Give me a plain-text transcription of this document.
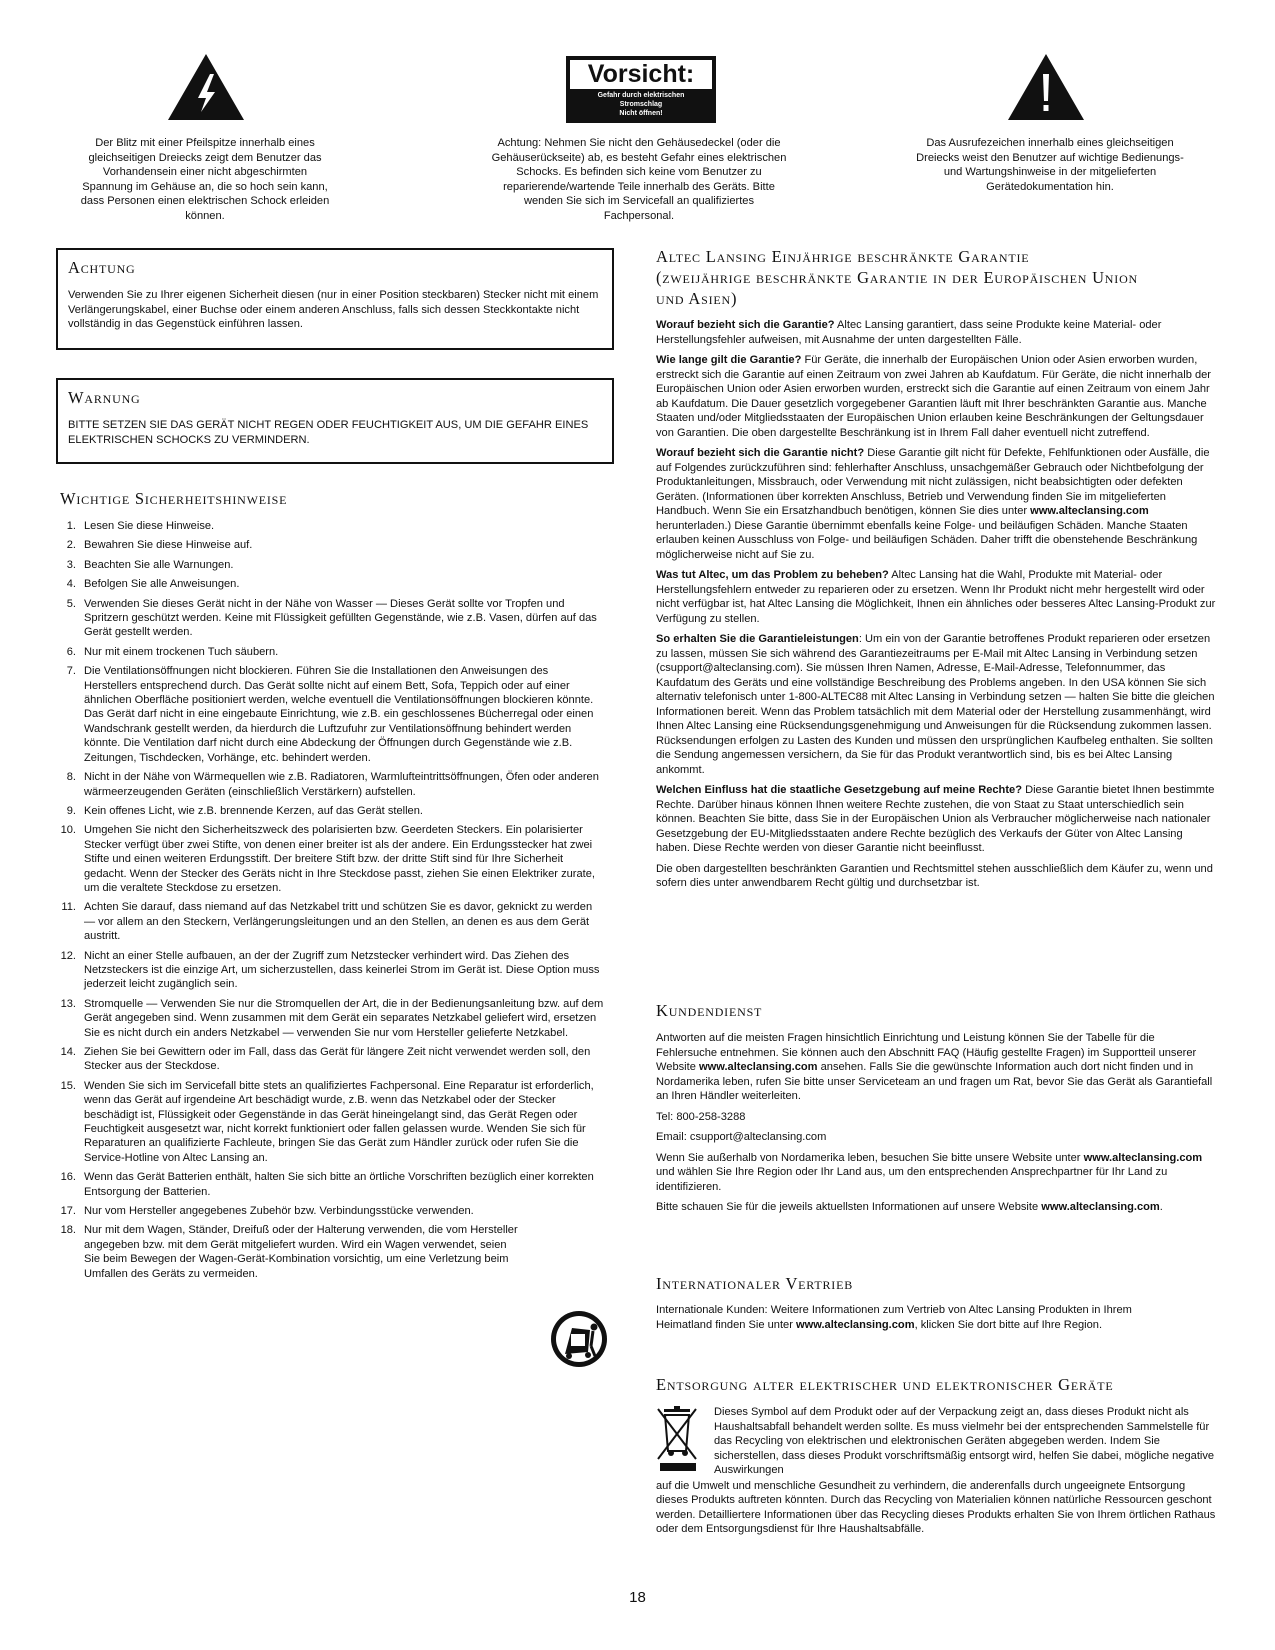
Der Blitz mit einer Pfeilspitze innerhalb eines gleichseitigen Dreiecks zeigt dem Benutzer das Vorhandensein einer nicht abgeschirmten Spannung im Gehäuse an, die so hoch sein kann, dass Personen einen elektrischen Schock erleiden können.
Vorsicht:
Gefahr durch elektrischen
Stromschlag
Nicht öffnen!
Achtung: Nehmen Sie nicht den Gehäusedeckel (oder die Gehäuserückseite) ab, es besteht Gefahr eines elektrischen Schocks. Es befinden sich keine vom Benutzer zu reparierende/wartende Teile innerhalb des Geräts. Bitte wenden Sie sich im Servicefall an qualifiziertes Fachpersonal.
Das Ausrufezeichen innerhalb eines gleichseitigen Dreiecks weist den Benutzer auf wichtige Bedienungs- und Wartungshinweise in der mitgelieferten Gerätedokumentation hin.
Achtung
Verwenden Sie zu Ihrer eigenen Sicherheit diesen (nur in einer Position steckbaren) Stecker nicht mit einem Verlängerungskabel, einer Buchse oder einem anderen Anschluss, falls sich dessen Steckkontakte nicht vollständig in das Gegenstück einführen lassen.
Warnung
BITTE SETZEN SIE DAS GERÄT NICHT REGEN ODER FEUCHTIGKEIT AUS, UM DIE GEFAHR EINES ELEKTRISCHEN SCHOCKS ZU VERMINDERN.
Wichtige Sicherheitshinweise
1. Lesen Sie diese Hinweise.
2. Bewahren Sie diese Hinweise auf.
3. Beachten Sie alle Warnungen.
4. Befolgen Sie alle Anweisungen.
5. Verwenden Sie dieses Gerät nicht in der Nähe von Wasser — Dieses Gerät sollte vor Tropfen und Spritzern geschützt werden. Keine mit Flüssigkeit gefüllten Gegenstände, wie z.B. Vasen, dürfen auf das Gerät gestellt werden.
6. Nur mit einem trockenen Tuch säubern.
7. Die Ventilationsöffnungen nicht blockieren. Führen Sie die Installationen den Anweisungen des Herstellers entsprechend durch. Das Gerät sollte nicht auf einem Bett, Sofa, Teppich oder auf einer ähnlichen Oberfläche positioniert werden, welche eventuell die Ventilationsöffnungen blockieren könnte. Das Gerät darf nicht in eine eingebaute Einrichtung, wie z.B. ein geschlossenes Bücherregal oder einen Wandschrank gestellt werden, da hierdurch die Luftzufuhr zur Ventilationsöffnung behindert werden könnte. Die Ventilation darf nicht durch eine Abdeckung der Öffnungen durch Gegenstände wie z.B. Zeitungen, Tischdecken, Vorhänge, etc. behindert werden.
8. Nicht in der Nähe von Wärmequellen wie z.B. Radiatoren, Warmlufteintrittsöffnungen, Öfen oder anderen wärmeerzeugenden Geräten (einschließlich Verstärkern) aufstellen.
9. Kein offenes Licht, wie z.B. brennende Kerzen, auf das Gerät stellen.
10. Umgehen Sie nicht den Sicherheitszweck des polarisierten bzw. Geerdeten Steckers. Ein polarisierter Stecker verfügt über zwei Stifte, von denen einer breiter ist als der andere. Ein Erdungsstecker hat zwei Stifte und einen weiteren Erdungsstift. Der breitere Stift bzw. der dritte Stift sind für Ihre Sicherheit gedacht. Wenn der Stecker des Geräts nicht in Ihre Steckdose passt, ziehen Sie einen Elektriker zurate, um die veraltete Steckdose zu ersetzen.
11. Achten Sie darauf, dass niemand auf das Netzkabel tritt und schützen Sie es davor, geknickt zu werden — vor allem an den Steckern, Verlängerungsleitungen und an den Stellen, an denen es aus dem Gerät austritt.
12. Nicht an einer Stelle aufbauen, an der der Zugriff zum Netzstecker verhindert wird. Das Ziehen des Netzsteckers ist die einzige Art, um sicherzustellen, dass keinerlei Strom im Gerät ist. Diese Option muss jederzeit leicht zugänglich sein.
13. Stromquelle — Verwenden Sie nur die Stromquellen der Art, die in der Bedienungsanleitung bzw. auf dem Gerät angegeben sind. Wenn zusammen mit dem Gerät ein separates Netzkabel geliefert wird, ersetzen Sie es nicht durch ein anders Netzkabel — verwenden Sie nur vom Hersteller gelieferte Netzkabel.
14. Ziehen Sie bei Gewittern oder im Fall, dass das Gerät für längere Zeit nicht verwendet werden soll, den Stecker aus der Steckdose.
15. Wenden Sie sich im Servicefall bitte stets an qualifiziertes Fachpersonal. Eine Reparatur ist erforderlich, wenn das Gerät auf irgendeine Art beschädigt wurde, z.B. wenn das Netzkabel oder der Stecker beschädigt ist, Flüssigkeit oder Gegenstände in das Gerät hineingelangt sind, das Gerät Regen oder Feuchtigkeit ausgesetzt war, nicht korrekt funktioniert oder fallen gelassen wurde. Wenden Sie sich für Reparaturen an qualifizierte Fachleute, bringen Sie das Gerät zum Händler zurück oder rufen Sie die Service-Hotline von Altec Lansing an.
16. Wenn das Gerät Batterien enthält, halten Sie sich bitte an örtliche Vorschriften bezüglich einer korrekten Entsorgung der Batterien.
17. Nur vom Hersteller angegebenes Zubehör bzw. Verbindungsstücke verwenden.
18. Nur mit dem Wagen, Ständer, Dreifuß oder der Halterung verwenden, die vom Hersteller angegeben bzw. mit dem Gerät mitgeliefert wurden. Wird ein Wagen verwendet, seien Sie beim Bewegen der Wagen-Gerät-Kombination vorsichtig, um eine Verletzung beim Umfallen des Geräts zu vermeiden.
Altec Lansing Einjährige beschränkte Garantie
(zweijährige beschränkte Garantie in der Europäischen Union
und Asien)

Worauf bezieht sich die Garantie? Altec Lansing garantiert, dass seine Produkte keine Material- oder Herstellungsfehler aufweisen, mit Ausnahme der unten dargestellten Fälle.

Wie lange gilt die Garantie? Für Geräte, die innerhalb der Europäischen Union oder Asien erworben wurden, erstreckt sich die Garantie auf einen Zeitraum von zwei Jahren ab Kaufdatum. Für Geräte, die nicht innerhalb der Europäischen Union oder Asien erworben wurden, erstreckt sich die Garantie auf einen Zeitraum von einem Jahr ab Kaufdatum. Die Dauer gesetzlich vorgegebener Garantien läuft mit Ihrer beschränkten Garantie aus. Manche Staaten und/oder Mitgliedsstaaten der Europäischen Union erlauben keine Beschränkungen der Geltungsdauer von Garantien. Die oben dargestellte Beschränkung ist in Ihrem Fall daher eventuell nicht zutreffend.

Worauf bezieht sich die Garantie nicht? Diese Garantie gilt nicht für Defekte, Fehlfunktionen oder Ausfälle, die auf Folgendes zurückzuführen sind: fehlerhafter Anschluss, unsachgemäßer Gebrauch oder Nichtbefolgung der Produktanleitungen, Missbrauch, oder Verwendung mit nicht zulässigen, nicht beabsichtigten oder defekten Geräten. (Informationen über korrekten Anschluss, Betrieb und Verwendung finden Sie im mitgelieferten Handbuch. Wenn Sie ein Ersatzhandbuch benötigen, können Sie dies unter www.alteclansing.com herunterladen.) Diese Garantie übernimmt ebenfalls keine Folge- und beiläufigen Schäden. Manche Staaten erlauben keinen Ausschluss von Folge- und beiläufigen Schäden. Daher trifft die obenstehende Beschränkung möglicherweise nicht auf Sie zu.

Was tut Altec, um das Problem zu beheben? Altec Lansing hat die Wahl, Produkte mit Material- oder Herstellungsfehlern entweder zu reparieren oder zu ersetzen. Wenn Ihr Produkt nicht mehr hergestellt wird oder nicht verfügbar ist, hat Altec Lansing die Möglichkeit, Ihnen ein ähnliches oder besseres Altec Lansing-Produkt zur Verfügung zu stellen.

So erhalten Sie die Garantieleistungen: Um ein von der Garantie betroffenes Produkt reparieren oder ersetzen zu lassen, müssen Sie sich während des Garantiezeitraums per E-Mail mit Altec Lansing in Verbindung setzen (csupport@alteclansing.com). Sie müssen Ihren Namen, Adresse, E-Mail-Adresse, Telefonnummer, das Kaufdatum des Geräts und eine vollständige Beschreibung des Problems angeben. In den USA können Sie sich alternativ telefonisch unter 1-800-ALTEC88 mit Altec Lansing in Verbindung setzen — halten Sie bitte die gleichen Informationen bereit. Wenn das Problem tatsächlich mit dem Material oder der Herstellung zusammenhängt, wird Ihnen Altec Lansing eine Rücksendungsgenehmigung und Anweisungen für die Rücksendung zukommen lassen. Rücksendungen erfolgen zu Lasten des Kunden und müssen den ursprünglichen Kaufbeleg enthalten. Sie sollten die Sendung angemessen versichern, da Sie für das Produkt verantwortlich sind, bis es bei Altec Lansing ankommt.

Welchen Einfluss hat die staatliche Gesetzgebung auf meine Rechte? Diese Garantie bietet Ihnen bestimmte Rechte. Darüber hinaus können Ihnen weitere Rechte zustehen, die von Staat zu Staat unterschiedlich sein können. Beachten Sie bitte, dass Sie in der Europäischen Union als Verbraucher möglicherweise nach nationaler Gesetzgebung der EU-Mitgliedsstaaten andere Rechte bezüglich des Verkaufs der Güter von Altec Lansing haben. Diese Rechte werden von dieser Garantie nicht beeinflusst.

Die oben dargestellten beschränkten Garantien und Rechtsmittel stehen ausschließlich dem Käufer zu, wenn und sofern dies unter anwendbarem Recht gültig und durchsetzbar ist.

Kundendienst

Antworten auf die meisten Fragen hinsichtlich Einrichtung und Leistung können Sie der Tabelle für die Fehlersuche entnehmen. Sie können auch den Abschnitt FAQ (Häufig gestellte Fragen) im Supportteil unserer Website www.alteclansing.com ansehen. Falls Sie die gewünschte Information auch dort nicht finden und in Nordamerika leben, rufen Sie bitte unser Serviceteam an und fragen um Rat, bevor Sie das Gerät als Garantiefall an Ihren Händler weiterleiten.

Tel: 800-258-3288

Email: csupport@alteclansing.com

Wenn Sie außerhalb von Nordamerika leben, besuchen Sie bitte unsere Website unter www.alteclansing.com und wählen Sie Ihre Region oder Ihr Land aus, um den entsprechenden Ansprechpartner für Ihr Land zu identifizieren.

Bitte schauen Sie für die jeweils aktuellsten Informationen auf unsere Website www.alteclansing.com.

Internationaler Vertrieb

Internationale Kunden: Weitere Informationen zum Vertrieb von Altec Lansing Produkten in Ihrem Heimatland finden Sie unter www.alteclansing.com, klicken Sie dort bitte auf Ihre Region.

Entsorgung alter elektrischer und elektronischer Geräte

Dieses Symbol auf dem Produkt oder auf der Verpackung zeigt an, dass dieses Produkt nicht als Haushaltsabfall behandelt werden sollte. Es muss vielmehr bei der entsprechenden Sammelstelle für das Recycling von elektrischen und elektronischen Geräten abgegeben werden. Indem Sie sicherstellen, dass dieses Produkt vorschriftsmäßig entsorgt wird, helfen Sie dabei, mögliche negative Auswirkungen

auf die Umwelt und menschliche Gesundheit zu verhindern, die anderenfalls durch ungeeignete Entsorgung dieses Produkts auftreten könnten. Durch das Recycling von Materialien können natürliche Ressourcen geschont werden. Detailliertere Informationen über das Recycling dieses Produkts erhalten Sie von Ihrem örtlichen Rathaus oder dem Entsorgungsdienst für Ihre Haushaltsabfälle.

18
